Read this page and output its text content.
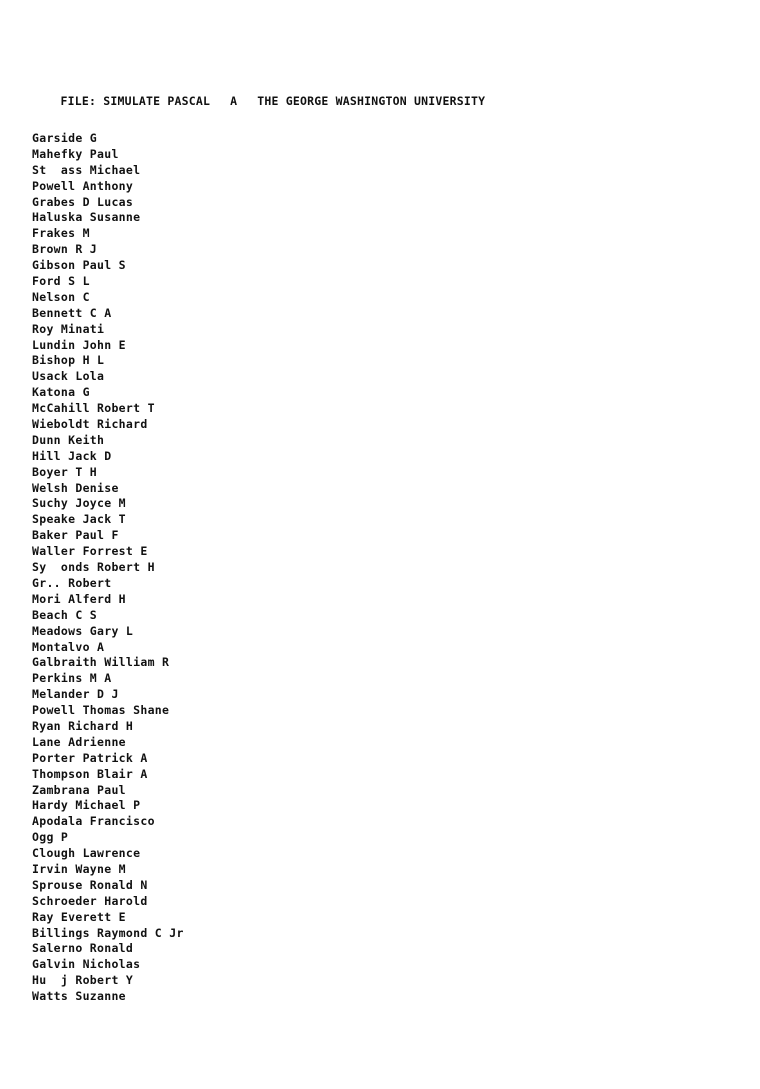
FILE: SIMULATE PASCAL A THE GEORGE WASHINGTON UNIVERSITY

Garside G
Mahefky Paul
St  ass Michael
Powell Anthony
Grabes D Lucas
Haluska Susanne
Frakes M
Brown R J
Gibson Paul S
Ford S L
Nelson C
Bennett C A
Roy Minati
Lundin John E
Bishop H L
Usack Lola
Katona G
McCahill Robert T
Wieboldt Richard
Dunn Keith
Hill Jack D
Boyer T H
Welsh Denise
Suchy Joyce M
Speake Jack T
Baker Paul F
Waller Forrest E
Sy  onds Robert H
Gr.. Robert
Mori Alferd H
Beach C S
Meadows Gary L
Montalvo A
Galbraith William R
Perkins M A
Melander D J
Powell Thomas Shane
Ryan Richard H
Lane Adrienne
Porter Patrick A
Thompson Blair A
Zambrana Paul
Hardy Michael P
Apodala Francisco
Ogg P
Clough Lawrence
Irvin Wayne M
Sprouse Ronald N
Schroeder Harold
Ray Everett E
Billings Raymond C Jr
Salerno Ronald
Galvin Nicholas
Hu  j Robert Y
Watts Suzanne
